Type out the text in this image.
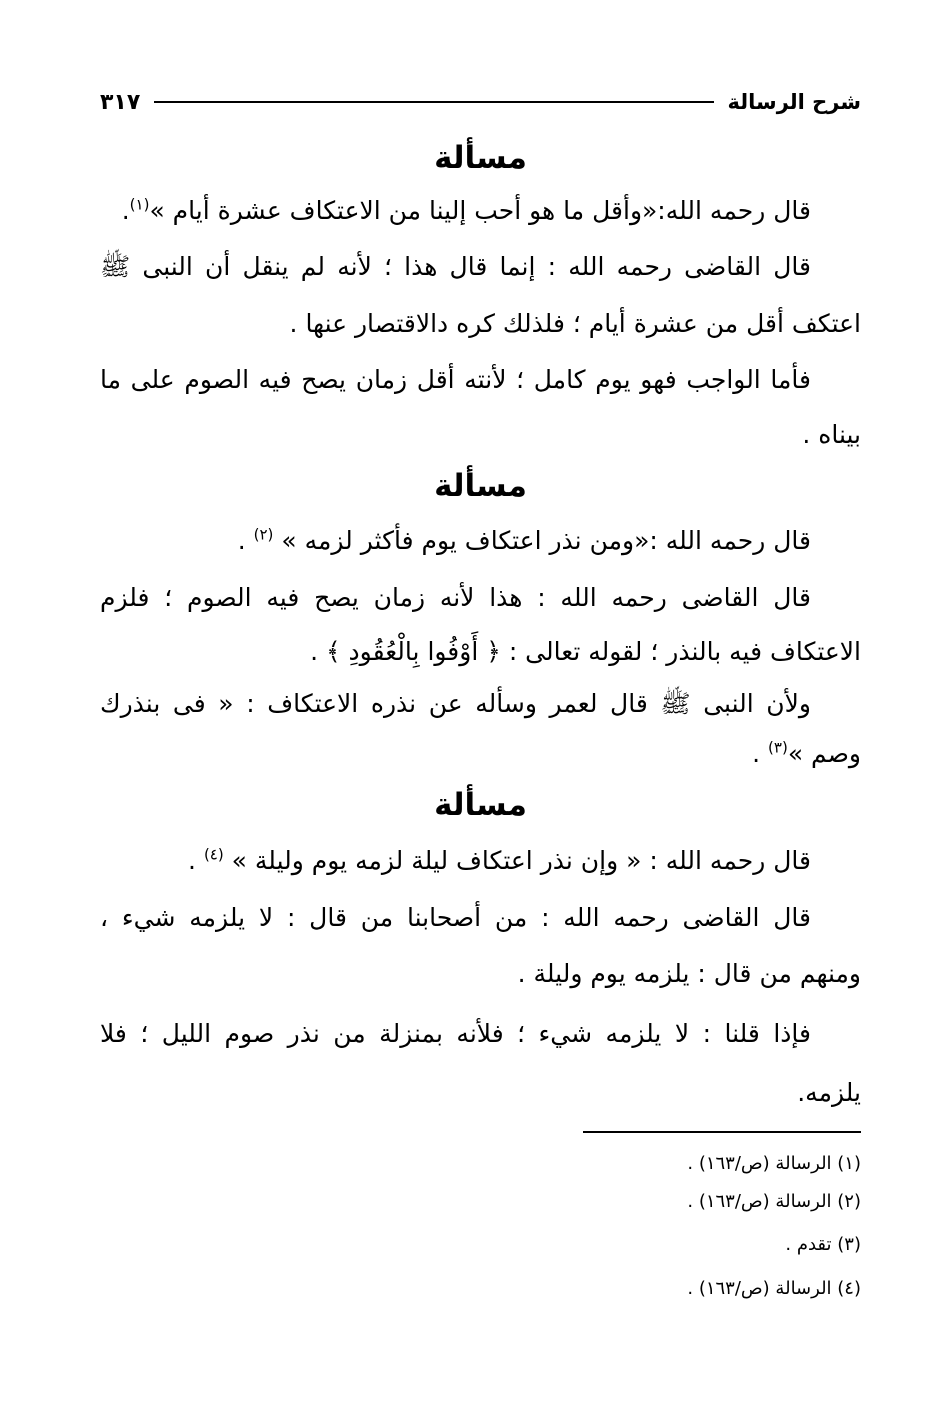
شرح الرسالة
٣١٧
مسألة
قال رحمه الله:«وأقل ما هو أحب إلينا من الاعتكاف عشرة أيام »$^{(١)}$.
قال القاضى رحمه الله : إنما قال هذا ؛ لأنه لم ينقل أن النبى ﷺ
اعتكف أقل من عشرة أيام ؛ فلذلك كره دالاقتصار عنها .
فأما الواجب فهو يوم كامل ؛ لأنته أقل زمان يصح فيه الصوم على ما
بيناه .
مسألة
قال رحمه الله :«ومن نذر اعتكاف يوم فأكثر لزمه » $^{(٢)}$ .
قال القاضى رحمه الله : هذا لأنه زمان يصح فيه الصوم ؛ فلزم
الاعتكاف فيه بالنذر ؛ لقوله تعالى : ﴿ أَوْفُوا بِالْعُقُودِ ﴾ .
ولأن النبى ﷺ قال لعمر وسأله عن نذره الاعتكاف : « فى بنذرك
وصم »$^{(٣)}$ .
مسألة
قال رحمه الله : « وإن نذر اعتكاف ليلة لزمه يوم وليلة » $^{(٤)}$ .
قال القاضى رحمه الله : من أصحابنا من قال : لا يلزمه شيء ،
ومنهم من قال : يلزمه يوم وليلة .
فإذا قلنا : لا يلزمه شيء ؛ فلأنه بمنزلة من نذر صوم الليل ؛ فلا
يلزمه.
(١) الرسالة (ص/١٦٣) .
(٢) الرسالة (ص/١٦٣) .
(٣) تقدم .
(٤) الرسالة (ص/١٦٣) .
